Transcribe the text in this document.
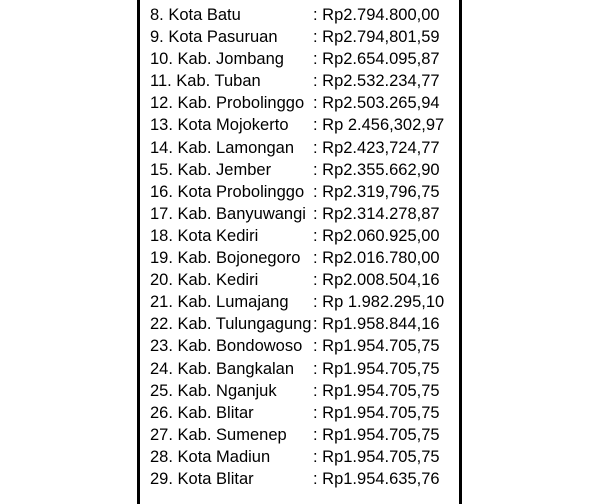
8. Kota Batu	: Rp2.794.800,00
9. Kota Pasuruan : Rp2.794,801,59
10. Kab. Jombang : Rp2.654.095,87
11. Kab. Tuban	: Rp2.532.234,77
12. Kab. Probolinggo : Rp2.503.265,94
13. Kota Mojokerto : Rp 2.456,302,97
14. Kab. Lamongan : Rp2.423,724,77
15. Kab. Jember	: Rp2.355.662,90
16. Kota Probolinggo : Rp2.319,796,75
17. Kab. Banyuwangi : Rp2.314.278,87
18. Kota Kediri	: Rp2.060.925,00
19. Kab. Bojonegoro : Rp2.016.780,00
20. Kab. Kediri	: Rp2.008.504,16
21. Kab. Lumajang : Rp 1.982.295,10
22. Kab. Tulungagung : Rp1.958.844,16
23. Kab. Bondowoso : Rp1.954.705,75
24. Kab. Bangkalan : Rp1.954.705,75
25. Kab. Nganjuk : Rp1.954.705,75
26. Kab. Blitar	: Rp1.954.705,75
27. Kab. Sumenep : Rp1.954.705,75
28. Kota Madiun	: Rp1.954.705,75
29. Kota Blitar	: Rp1.954.635,76
